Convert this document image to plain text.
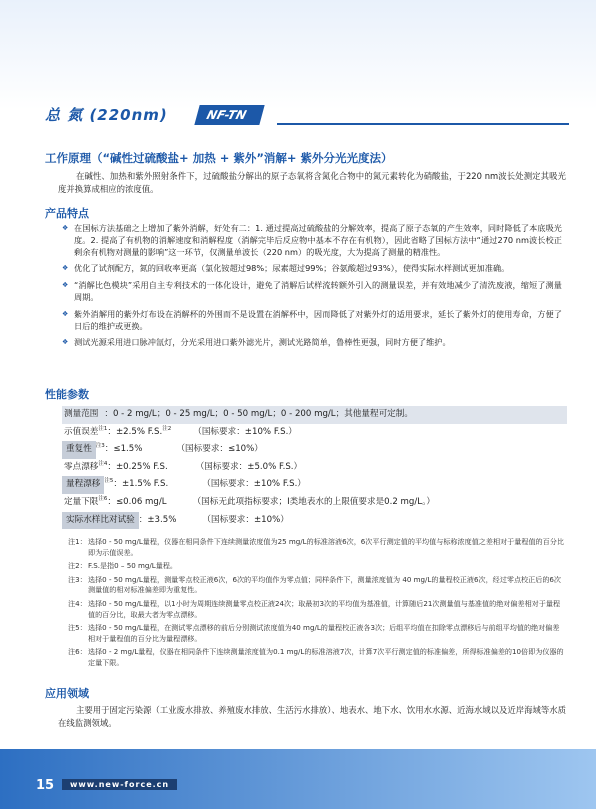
总 氮 (220nm)	NF-TN
工作原理（“碱性过硫酸盐+ 加热 + 紫外”消解+ 紫外分光光度法）
在碱性、加热和紫外照射条件下，过硫酸盐分解出的原子态氧将含氮化合物中的氮元素转化为硝酸盐，于220 nm波长处测定其吸光度并换算成相应的浓度值。
产品特点
❖ 在国标方法基础之上增加了紫外消解，好处有二：1. 通过提高过硫酸盐的分解效率，提高了原子态氧的产生效率，同时降低了本底吸光度。2. 提高了有机物的消解速度和消解程度（消解完毕后反应物中基本不存在有机物），因此省略了国标方法中“通过270 nm波长校正剩余有机物对测量的影响”这一环节，仅测量单波长（220 nm）的吸光度，大为提高了测量的精准性。
❖ 优化了试剂配方，氮的回收率更高（氯化铵超过98%；尿素超过99%；谷氨酸超过93%），使得实际水样测试更加准确。
❖ “消解比色模块”采用自主专利技术的一体化设计，避免了消解后试样流转额外引入的测量误差，并有效地减少了清洗废液，缩短了测量周期。
❖ 紫外消解用的紫外灯布设在消解杯的外围而不是设置在消解杯中，因而降低了对紫外灯的适用要求，延长了紫外灯的使用寿命，方便了日后的维护或更换。
❖ 测试光源采用进口脉冲氙灯，分光采用进口紫外滤光片，测试光路简单，鲁棒性更强，同时方便了维护。
性能参数
测量范围 ：0 - 2 mg/L；0 - 25 mg/L；0 - 50 mg/L；0 - 200 mg/L；其他量程可定制。
示值误差$^{注1}$：±2.5% F.S.$^{注2}$	（国标要求：±10% F.S.）
重复性 $^{注3}$：≤1.5%	（国标要求：≤10%）
零点漂移$^{注4}$：±0.25% F.S.	（国标要求：±5.0% F.S.）
量程漂移 $^{注5}$：±1.5% F.S.	（国标要求：±10% F.S.）
定量下限$^{注6}$：≤0.06 mg/L	（国标无此项指标要求；I类地表水的上限值要求是0.2 mg/L。）
实际水样比对试验 ：±3.5%	（国标要求：±10%）
注1： 选择0 - 50 mg/L量程，仪器在相同条件下连续测量浓度值为25 mg/L的标准溶液6次，6次平行测定值的平均值与标称浓度值之差相对于量程值的百分比即为示值误差。
注2： F.S.是指0 – 50 mg/L量程。
注3： 选择0 - 50 mg/L量程，测量零点校正液6次，6次的平均值作为零点值；同样条件下，测量浓度值为 40 mg/L的量程校正液6次，经过零点校正后的6次测量值的相对标准偏差即为重复性。
注4： 选择0 - 50 mg/L量程，以1小时为周期连续测量零点校正液24次；取最初3次的平均值为基准值，计算随后21次测量值与基准值的绝对偏差相对于量程值的百分比，取最大者为零点漂移。
注5： 选择0 - 50 mg/L量程，在测试零点漂移的前后分别测试浓度值为40 mg/L的量程校正液各3次；后组平均值在扣除零点漂移后与前组平均值的绝对偏差相对于量程值的百分比为量程漂移。
注6： 选择0 - 2 mg/L量程，仪器在相同条件下连续测量浓度值为0.1 mg/L的标准溶液7次，计算7次平行测定值的标准偏差，所得标准偏差的10倍即为仪器的定量下限。
应用领域
主要用于固定污染源（工业废水排放、养殖废水排放、生活污水排放）、地表水、地下水、饮用水水源、近海水域以及近岸海域等水质在线监测领域。
15	www.new-force.cn
